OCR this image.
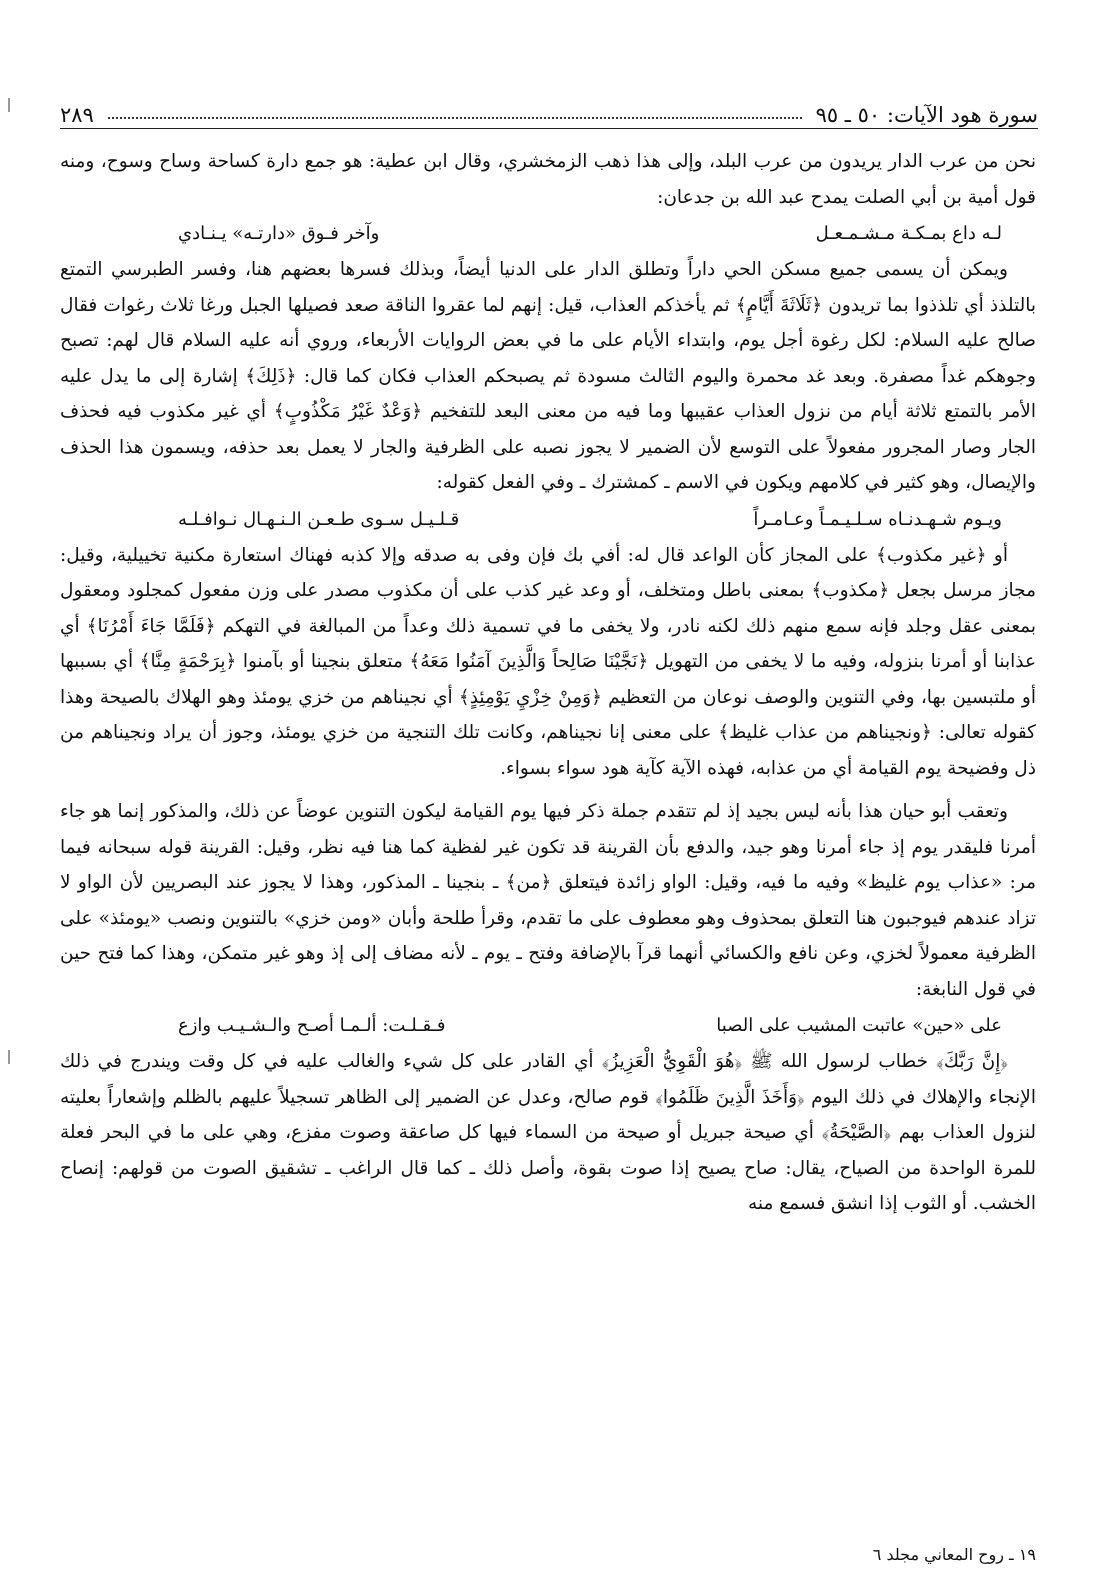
سورة هود الآيات: ٥٠ ـ ٩٥
٢٨٩

نحن من عرب الدار يريدون من عرب البلد، وإلى هذا ذهب الزمخشري، وقال ابن عطية: هو جمع دارة كساحة وساح وسوح، ومنه قول أمية بن أبي الصلت يمدح عبد الله بن جدعان:

لـه داع بمـكـة مـشـمـعـل
وآخر فـوق «دارتـه» يـنـادي

ويمكن أن يسمى جميع مسكن الحي داراً وتطلق الدار على الدنيا أيضاً، وبذلك فسرها بعضهم هنا، وفسر الطبرسي التمتع بالتلذذ أي تلذذوا بما تريدون ﴿ثَلَاثَةَ أَيَّامٍ﴾ ثم يأخذكم العذاب، قيل: إنهم لما عقروا الناقة صعد فصيلها الجبل ورغا ثلاث رغوات فقال صالح عليه السلام: لكل رغوة أجل يوم، وابتداء الأيام على ما في بعض الروايات الأربعاء، وروي أنه عليه السلام قال لهم: تصبح وجوهكم غداً مصفرة. وبعد غد محمرة واليوم الثالث مسودة ثم يصبحكم العذاب فكان كما قال: ﴿ذَلِكَ﴾ إشارة إلى ما يدل عليه الأمر بالتمتع ثلاثة أيام من نزول العذاب عقيبها وما فيه من معنى البعد للتفخيم ﴿وَعْدٌ غَيْرُ مَكْذُوبٍ﴾ أي غير مكذوب فيه فحذف الجار وصار المجرور مفعولاً على التوسع لأن الضمير لا يجوز نصبه على الظرفية والجار لا يعمل بعد حذفه، ويسمون هذا الحذف والإيصال، وهو كثير في كلامهم ويكون في الاسم ـ كمشترك ـ وفي الفعل كقوله:

ويـوم شـهـدنـاه سـلـيـمـاً وعـامـراً
قـلـيـل سـوى طـعـن الـنـهـال نـوافـلـه

أو ﴿غير مكذوب﴾ على المجاز كأن الواعد قال له: أفي بك فإن وفى به صدقه وإلا كذبه فهناك استعارة مكنية تخييلية، وقيل: مجاز مرسل بجعل ﴿مكذوب﴾ بمعنى باطل ومتخلف، أو وعد غير كذب على أن مكذوب مصدر على وزن مفعول كمجلود ومعقول بمعنى عقل وجلد فإنه سمع منهم ذلك لكنه نادر، ولا يخفى ما في تسمية ذلك وعداً من المبالغة في التهكم ﴿فَلَمَّا جَاءَ أَمْرُنَا﴾ أي عذابنا أو أمرنا بنزوله، وفيه ما لا يخفى من التهويل ﴿نَجَّيْنَا صَالِحاً وَالَّذِينَ آمَنُوا مَعَهُ﴾ متعلق بنجينا أو بآمنوا ﴿بِرَحْمَةٍ مِنَّا﴾ أي بسببها أو ملتبسين بها، وفي التنوين والوصف نوعان من التعظيم ﴿وَمِنْ خِزْيِ يَوْمِئِذٍ﴾ أي نجيناهم من خزي يومئذ وهو الهلاك بالصيحة وهذا كقوله تعالى: ﴿ونجيناهم من عذاب غليظ﴾ على معنى إنا نجيناهم، وكانت تلك التنجية من خزي يومئذ، وجوز أن يراد ونجيناهم من ذل وفضيحة يوم القيامة أي من عذابه، فهذه الآية كآية هود سواء بسواء.

وتعقب أبو حيان هذا بأنه ليس بجيد إذ لم تتقدم جملة ذكر فيها يوم القيامة ليكون التنوين عوضاً عن ذلك، والمذكور إنما هو جاء أمرنا فليقدر يوم إذ جاء أمرنا وهو جيد، والدفع بأن القرينة قد تكون غير لفظية كما هنا فيه نظر، وقيل: القرينة قوله سبحانه فيما مر: «عذاب يوم غليظ» وفيه ما فيه، وقيل: الواو زائدة فيتعلق ﴿من﴾ ـ بنجينا ـ المذكور، وهذا لا يجوز عند البصريين لأن الواو لا تزاد عندهم فيوجبون هنا التعلق بمحذوف وهو معطوف على ما تقدم، وقرأ طلحة وأبان «ومن خزي» بالتنوين ونصب «يومئذ» على الظرفية معمولاً لخزي، وعن نافع والكسائي أنهما قرآ بالإضافة وفتح ـ يوم ـ لأنه مضاف إلى إذ وهو غير متمكن، وهذا كما فتح حين في قول النابغة:

على «حين» عاتبت المشيب على الصبا
فـقـلـت: ألـمـا أصـح والـشـيـب وازع

﴿إِنَّ رَبَّكَ﴾ خطاب لرسول الله ﷺ ﴿هُوَ الْقَوِيُّ الْعَزِيزُ﴾ أي القادر على كل شيء والغالب عليه في كل وقت ويندرج في ذلك الإنجاء والإهلاك في ذلك اليوم ﴿وَأَخَذَ الَّذِينَ ظَلَمُوا﴾ قوم صالح، وعدل عن الضمير إلى الظاهر تسجيلاً عليهم بالظلم وإشعاراً بعليته لنزول العذاب بهم ﴿الصَّيْحَةُ﴾ أي صيحة جبريل أو صيحة من السماء فيها كل صاعقة وصوت مفزع، وهي على ما في البحر فعلة للمرة الواحدة من الصياح، يقال: صاح يصيح إذا صوت بقوة، وأصل ذلك ـ كما قال الراغب ـ تشقيق الصوت من قولهم: إنصاح الخشب. أو الثوب إذا انشق فسمع منه

١٩ ـ روح المعاني مجلد ٦
